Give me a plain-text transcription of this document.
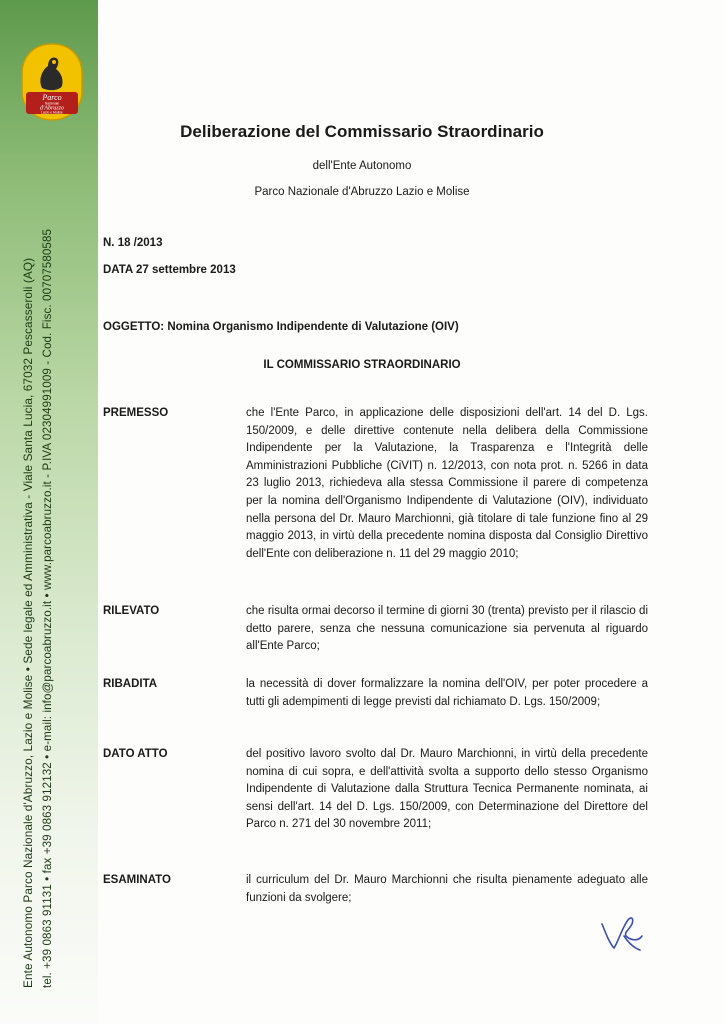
Parco
Nazionale
d'Abruzzo
Lazio e Molise
Ente Autonomo Parco Nazionale d'Abruzzo, Lazio e Molise • Sede legale ed Amministrativa - Viale Santa Lucia, 67032 Pescasseroli (AQ) tel. +39 0863 91131 • fax +39 0863 912132 • e-mail: info@parcoabruzzo.it • www.parcoabruzzo.it - P.IVA 02304991009 - Cod. Fisc. 00707580585
Deliberazione del Commissario Straordinario
dell'Ente Autonomo
Parco Nazionale d'Abruzzo Lazio e Molise
N. 18 /2013
DATA 27 settembre 2013
OGGETTO: Nomina Organismo Indipendente di Valutazione (OIV)
IL COMMISSARIO STRAORDINARIO
PREMESSO	che l'Ente Parco, in applicazione delle disposizioni dell'art. 14 del D. Lgs. 150/2009, e delle direttive contenute nella delibera della Commissione Indipendente per la Valutazione, la Trasparenza e l'Integrità delle Amministrazioni Pubbliche (CiVIT) n. 12/2013, con nota prot. n. 5266 in data 23 luglio 2013, richiedeva alla stessa Commissione il parere di competenza per la nomina dell'Organismo Indipendente di Valutazione (OIV), individuato nella persona del Dr. Mauro Marchionni, già titolare di tale funzione fino al 29 maggio 2013, in virtù della precedente nomina disposta dal Consiglio Direttivo dell'Ente con deliberazione n. 11 del 29 maggio 2010;
RILEVATO	che risulta ormai decorso il termine di giorni 30 (trenta) previsto per il rilascio di detto parere, senza che nessuna comunicazione sia pervenuta al riguardo all'Ente Parco;
RIBADITA	la necessità di dover formalizzare la nomina dell'OIV, per poter procedere a tutti gli adempimenti di legge previsti dal richiamato D. Lgs. 150/2009;
DATO ATTO	del positivo lavoro svolto dal Dr. Mauro Marchionni, in virtù della precedente nomina di cui sopra, e dell'attività svolta a supporto dello stesso Organismo Indipendente di Valutazione dalla Struttura Tecnica Permanente nominata, ai sensi dell'art. 14 del D. Lgs. 150/2009, con Determinazione del Direttore del Parco n. 271 del 30 novembre 2011;
ESAMINATO	il curriculum del Dr. Mauro Marchionni che risulta pienamente adeguato alle funzioni da svolgere;
